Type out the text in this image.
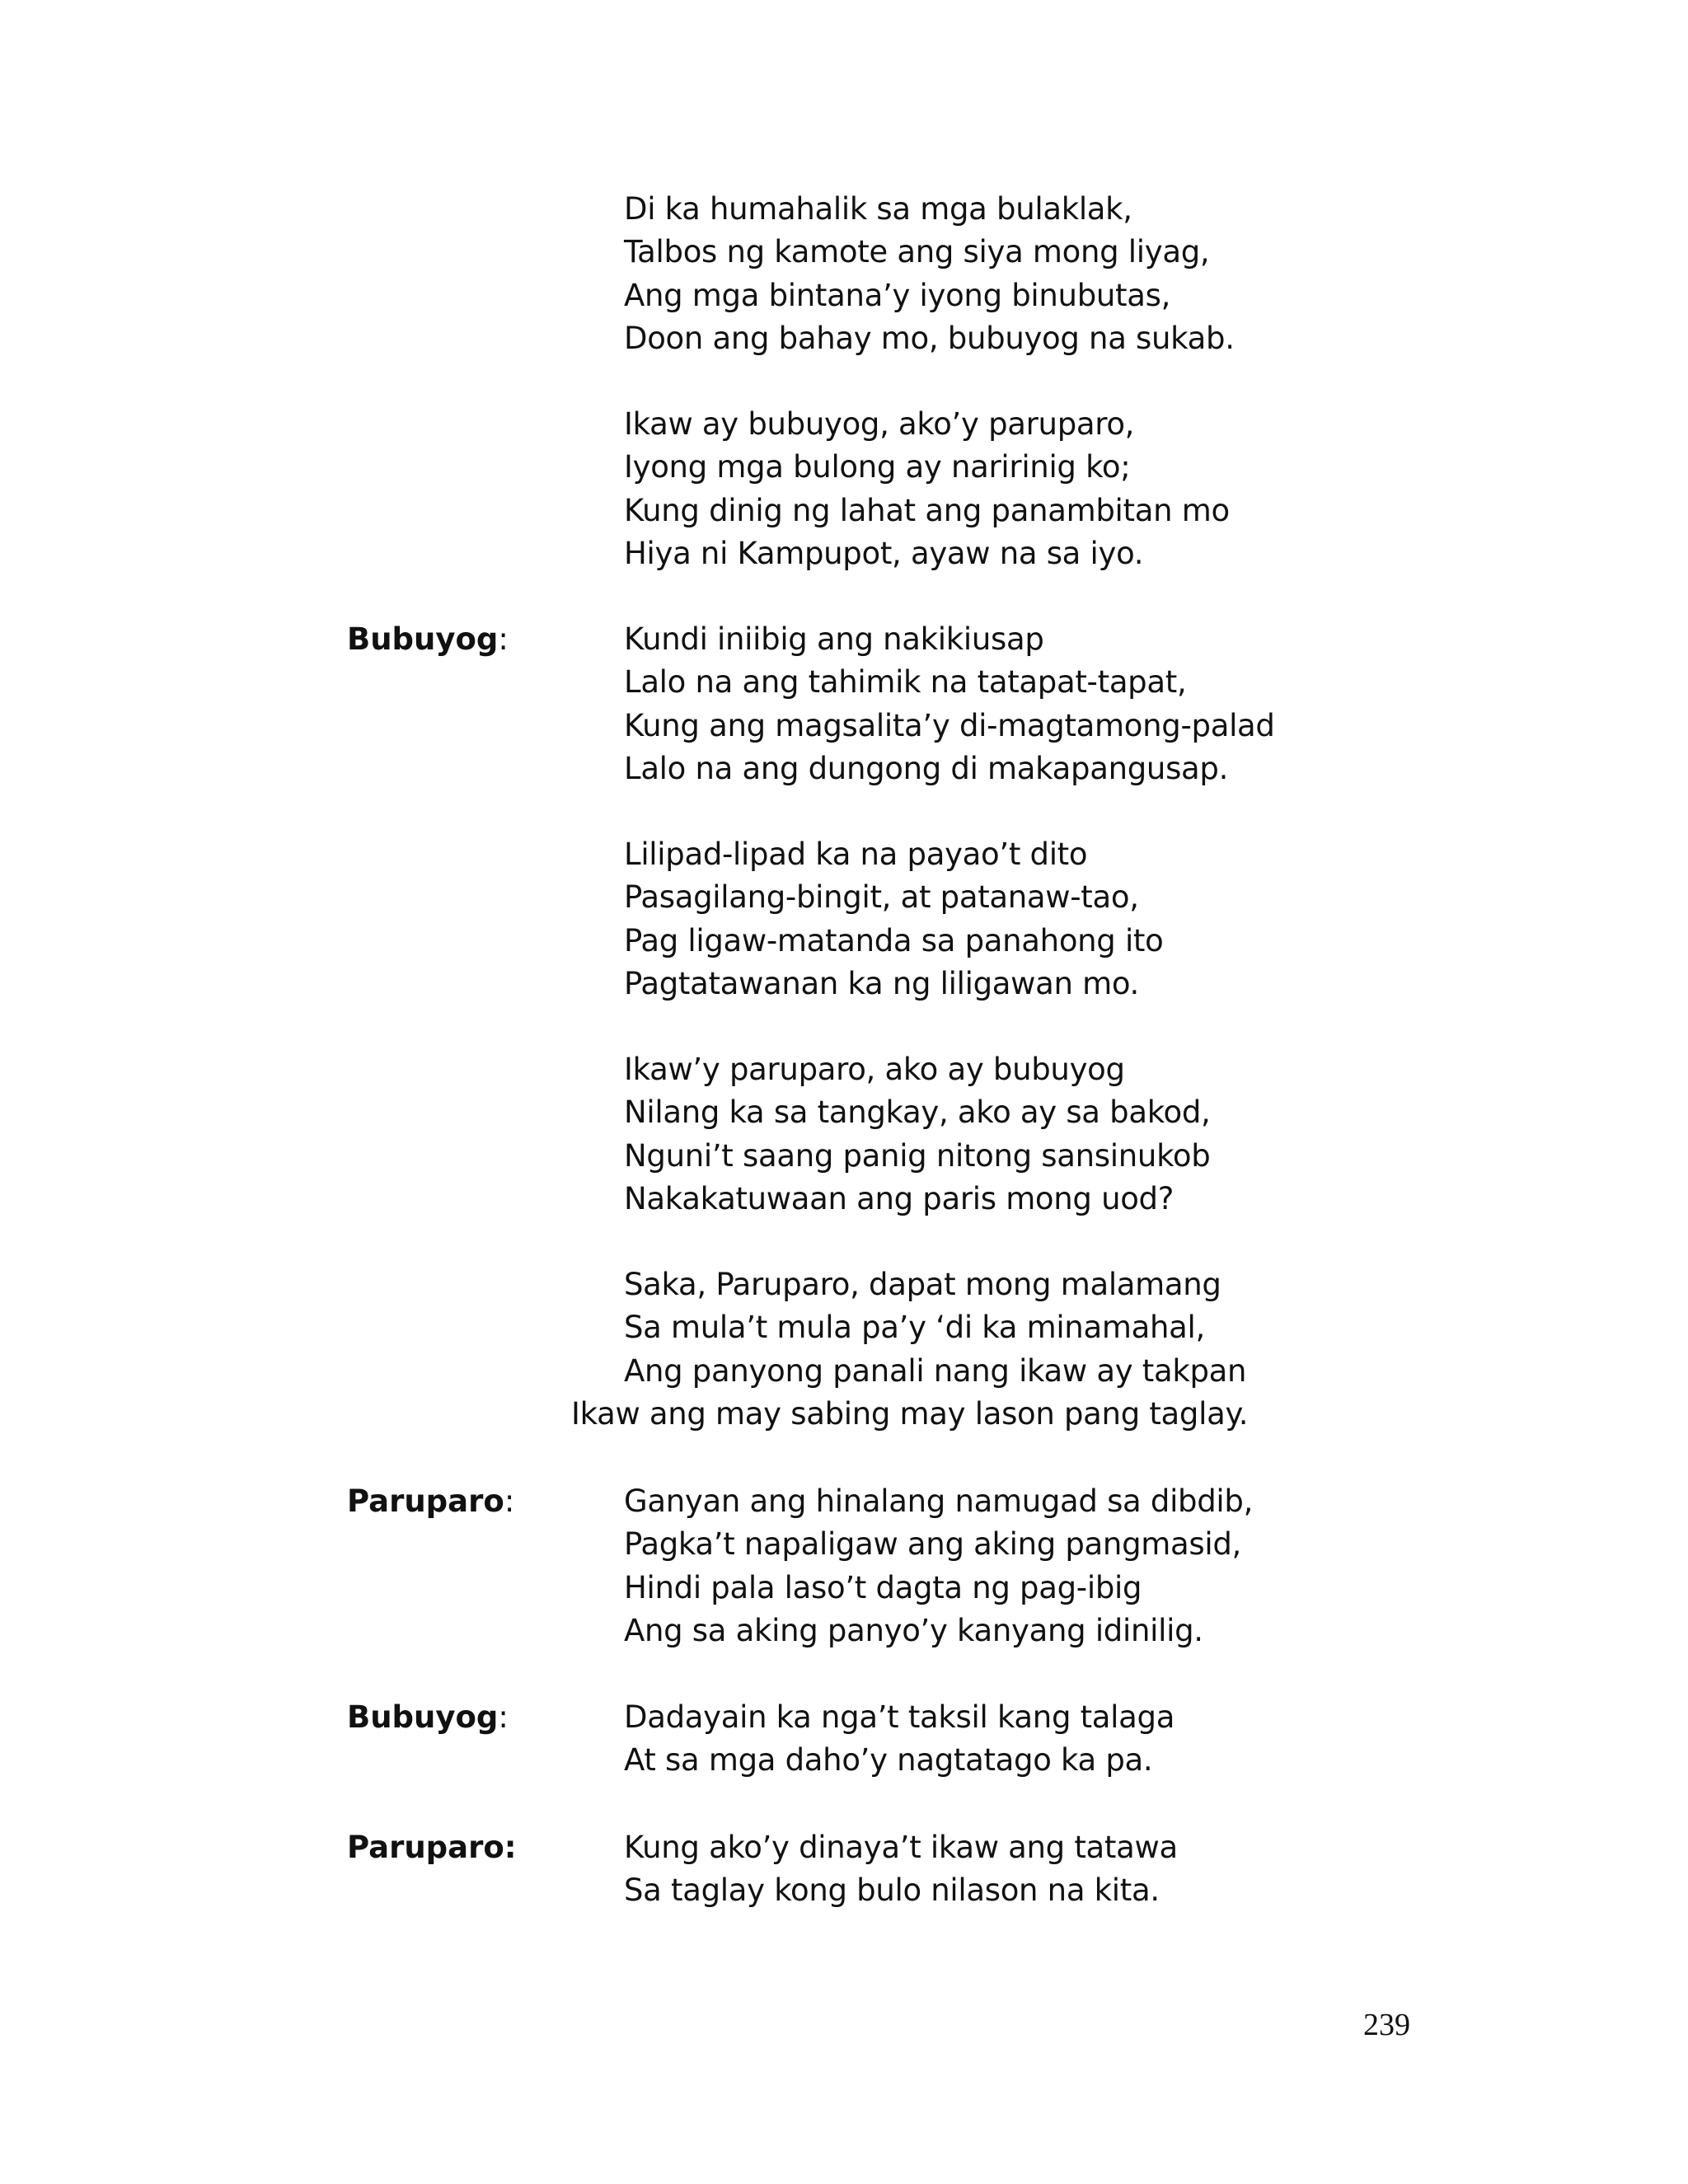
Di ka humahalik sa mga bulaklak,
Talbos ng kamote ang siya mong liyag,
Ang mga bintana’y iyong binubutas,
Doon ang bahay mo, bubuyog na sukab.
Ikaw ay bubuyog, ako’y paruparo,
Iyong mga bulong ay naririnig ko;
Kung dinig ng lahat ang panambitan mo
Hiya ni Kampupot, ayaw na sa iyo.
Bubuyog:	Kundi iniibig ang nakikiusap
Lalo na ang tahimik na tatapat-tapat,
Kung ang magsalita’y di-magtamong-palad
Lalo na ang dungong di makapangusap.
Lilipad-lipad ka na payao’t dito
Pasagilang-bingit, at patanaw-tao,
Pag ligaw-matanda sa panahong ito
Pagtatawanan ka ng liligawan mo.
Ikaw’y paruparo, ako ay bubuyog
Nilang ka sa tangkay, ako ay sa bakod,
Nguni’t saang panig nitong sansinukob
Nakakatuwaan ang paris mong uod?
Saka, Paruparo, dapat mong malamang
Sa mula’t mula pa’y ‘di ka minamahal,
Ang panyong panali nang ikaw ay takpan
Ikaw ang may sabing may lason pang taglay.
Paruparo:	Ganyan ang hinalang namugad sa dibdib,
Pagka’t napaligaw ang aking pangmasid,
Hindi pala laso’t dagta ng pag-ibig
Ang sa aking panyo’y kanyang idinilig.
Bubuyog:	Dadayain ka nga’t taksil kang talaga
At sa mga daho’y nagtatago ka pa.
Paruparo:	Kung ako’y dinaya’t ikaw ang tatawa
Sa taglay kong bulo nilason na kita.
239
